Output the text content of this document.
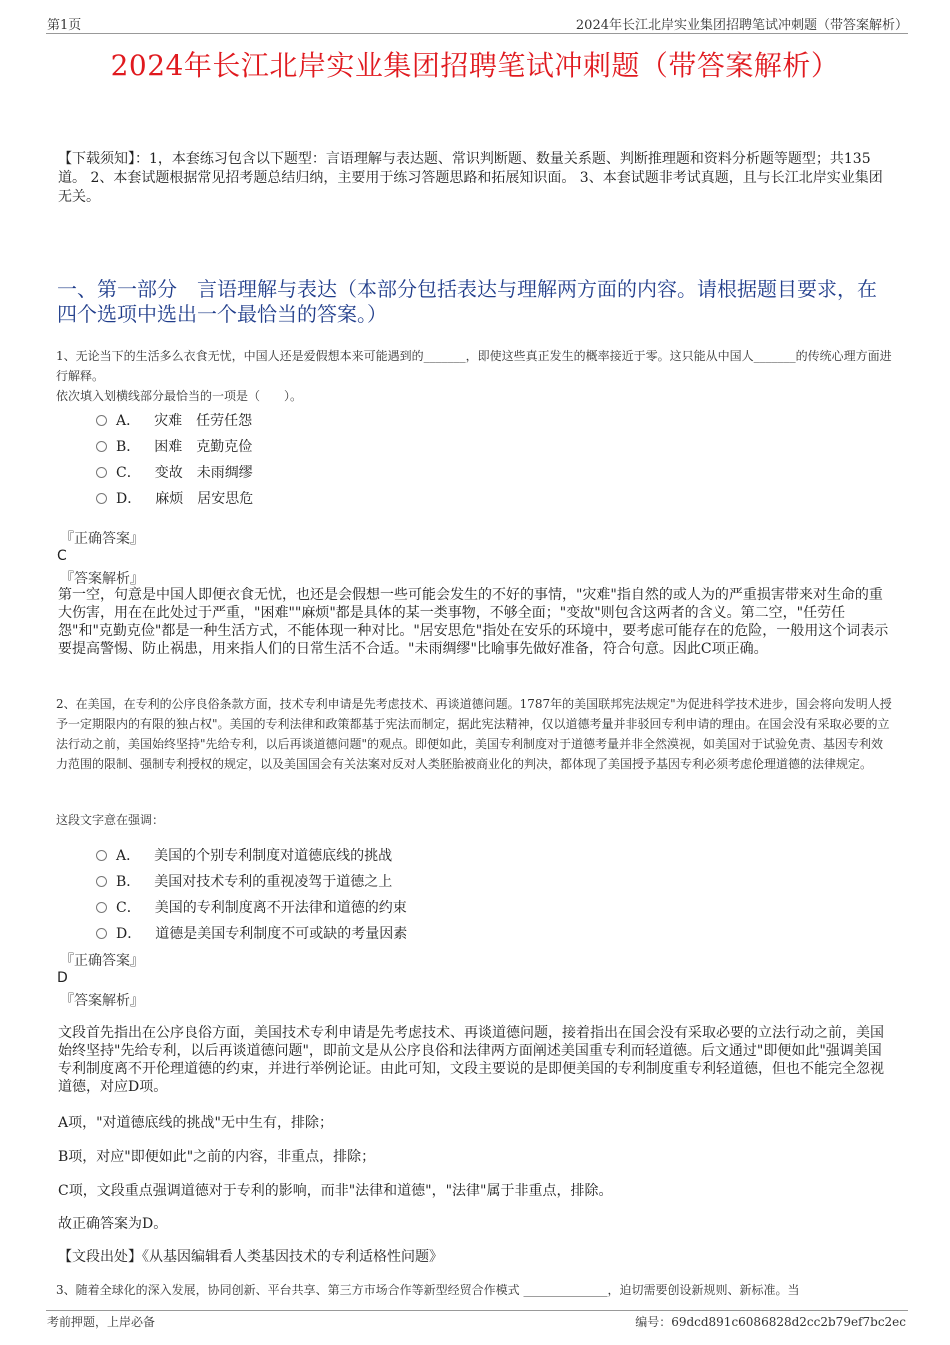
第1页	2024年长江北岸实业集团招聘笔试冲刺题（带答案解析）
2024年长江北岸实业集团招聘笔试冲刺题（带答案解析）
【下载须知】：1，本套练习包含以下题型：言语理解与表达题、常识判断题、数量关系题、判断推理题和资料分析题等题型；共135道。 2、本套试题根据常见招考题总结归纳，主要用于练习答题思路和拓展知识面。 3、本套试题非考试真题，且与长江北岸实业集团无关。
一、第一部分　言语理解与表达（本部分包括表达与理解两方面的内容。请根据题目要求，在四个选项中选出一个最恰当的答案。）
1、无论当下的生活多么衣食无忧，中国人还是爱假想本来可能遇到的_______，即使这些真正发生的概率接近于零。这只能从中国人_______的传统心理方面进行解释。
依次填入划横线部分最恰当的一项是（　　）。
A． 灾难　任劳任怨
B． 困难　克勤克俭
C． 变故　未雨绸缪
D． 麻烦　居安思危
『正确答案』
C
『答案解析』
第一空，句意是中国人即便衣食无忧，也还是会假想一些可能会发生的不好的事情，"灾难"指自然的或人为的严重损害带来对生命的重大伤害，用在在此处过于严重，"困难""麻烦"都是具体的某一类事物，不够全面；"变故"则包含这两者的含义。第二空，"任劳任怨"和"克勤克俭"都是一种生活方式，不能体现一种对比。"居安思危"指处在安乐的环境中，要考虑可能存在的危险，一般用这个词表示要提高警惕、防止祸患，用来指人们的日常生活不合适。"未雨绸缪"比喻事先做好准备，符合句意。因此C项正确。
2、在美国，在专利的公序良俗条款方面，技术专利申请是先考虑技术、再谈道德问题。1787年的美国联邦宪法规定"为促进科学技术进步，国会将向发明人授予一定期限内的有限的独占权"。美国的专利法律和政策都基于宪法而制定，据此宪法精神，仅以道德考量并非驳回专利申请的理由。在国会没有采取必要的立法行动之前，美国始终坚持"先给专利，以后再谈道德问题"的观点。即便如此，美国专利制度对于道德考量并非全然漠视，如美国对于试验免责、基因专利效力范围的限制、强制专利授权的规定，以及美国国会有关法案对反对人类胚胎被商业化的判决，都体现了美国授予基因专利必须考虑伦理道德的法律规定。
这段文字意在强调：
A． 美国的个别专利制度对道德底线的挑战
B． 美国对技术专利的重视凌驾于道德之上
C． 美国的专利制度离不开法律和道德的约束
D． 道德是美国专利制度不可或缺的考量因素
『正确答案』
D
『答案解析』
文段首先指出在公序良俗方面，美国技术专利申请是先考虑技术、再谈道德问题，接着指出在国会没有采取必要的立法行动之前，美国始终坚持"先给专利，以后再谈道德问题"，即前文是从公序良俗和法律两方面阐述美国重专利而轻道德。后文通过"即便如此"强调美国专利制度离不开伦理道德的约束，并进行举例论证。由此可知，文段主要说的是即便美国的专利制度重专利轻道德，但也不能完全忽视道德，对应D项。
A项，"对道德底线的挑战"无中生有，排除；
B项，对应"即便如此"之前的内容，非重点，排除；
C项，文段重点强调道德对于专利的影响，而非"法律和道德"，"法律"属于非重点，排除。
故正确答案为D。
【文段出处】《从基因编辑看人类基因技术的专利适格性问题》
3、随着全球化的深入发展，协同创新、平台共享、第三方市场合作等新型经贸合作模式 ______________，迫切需要创设新规则、新标准。当
考前押题，上岸必备	编号：69dcd891c6086828d2cc2b79ef7bc2ec
